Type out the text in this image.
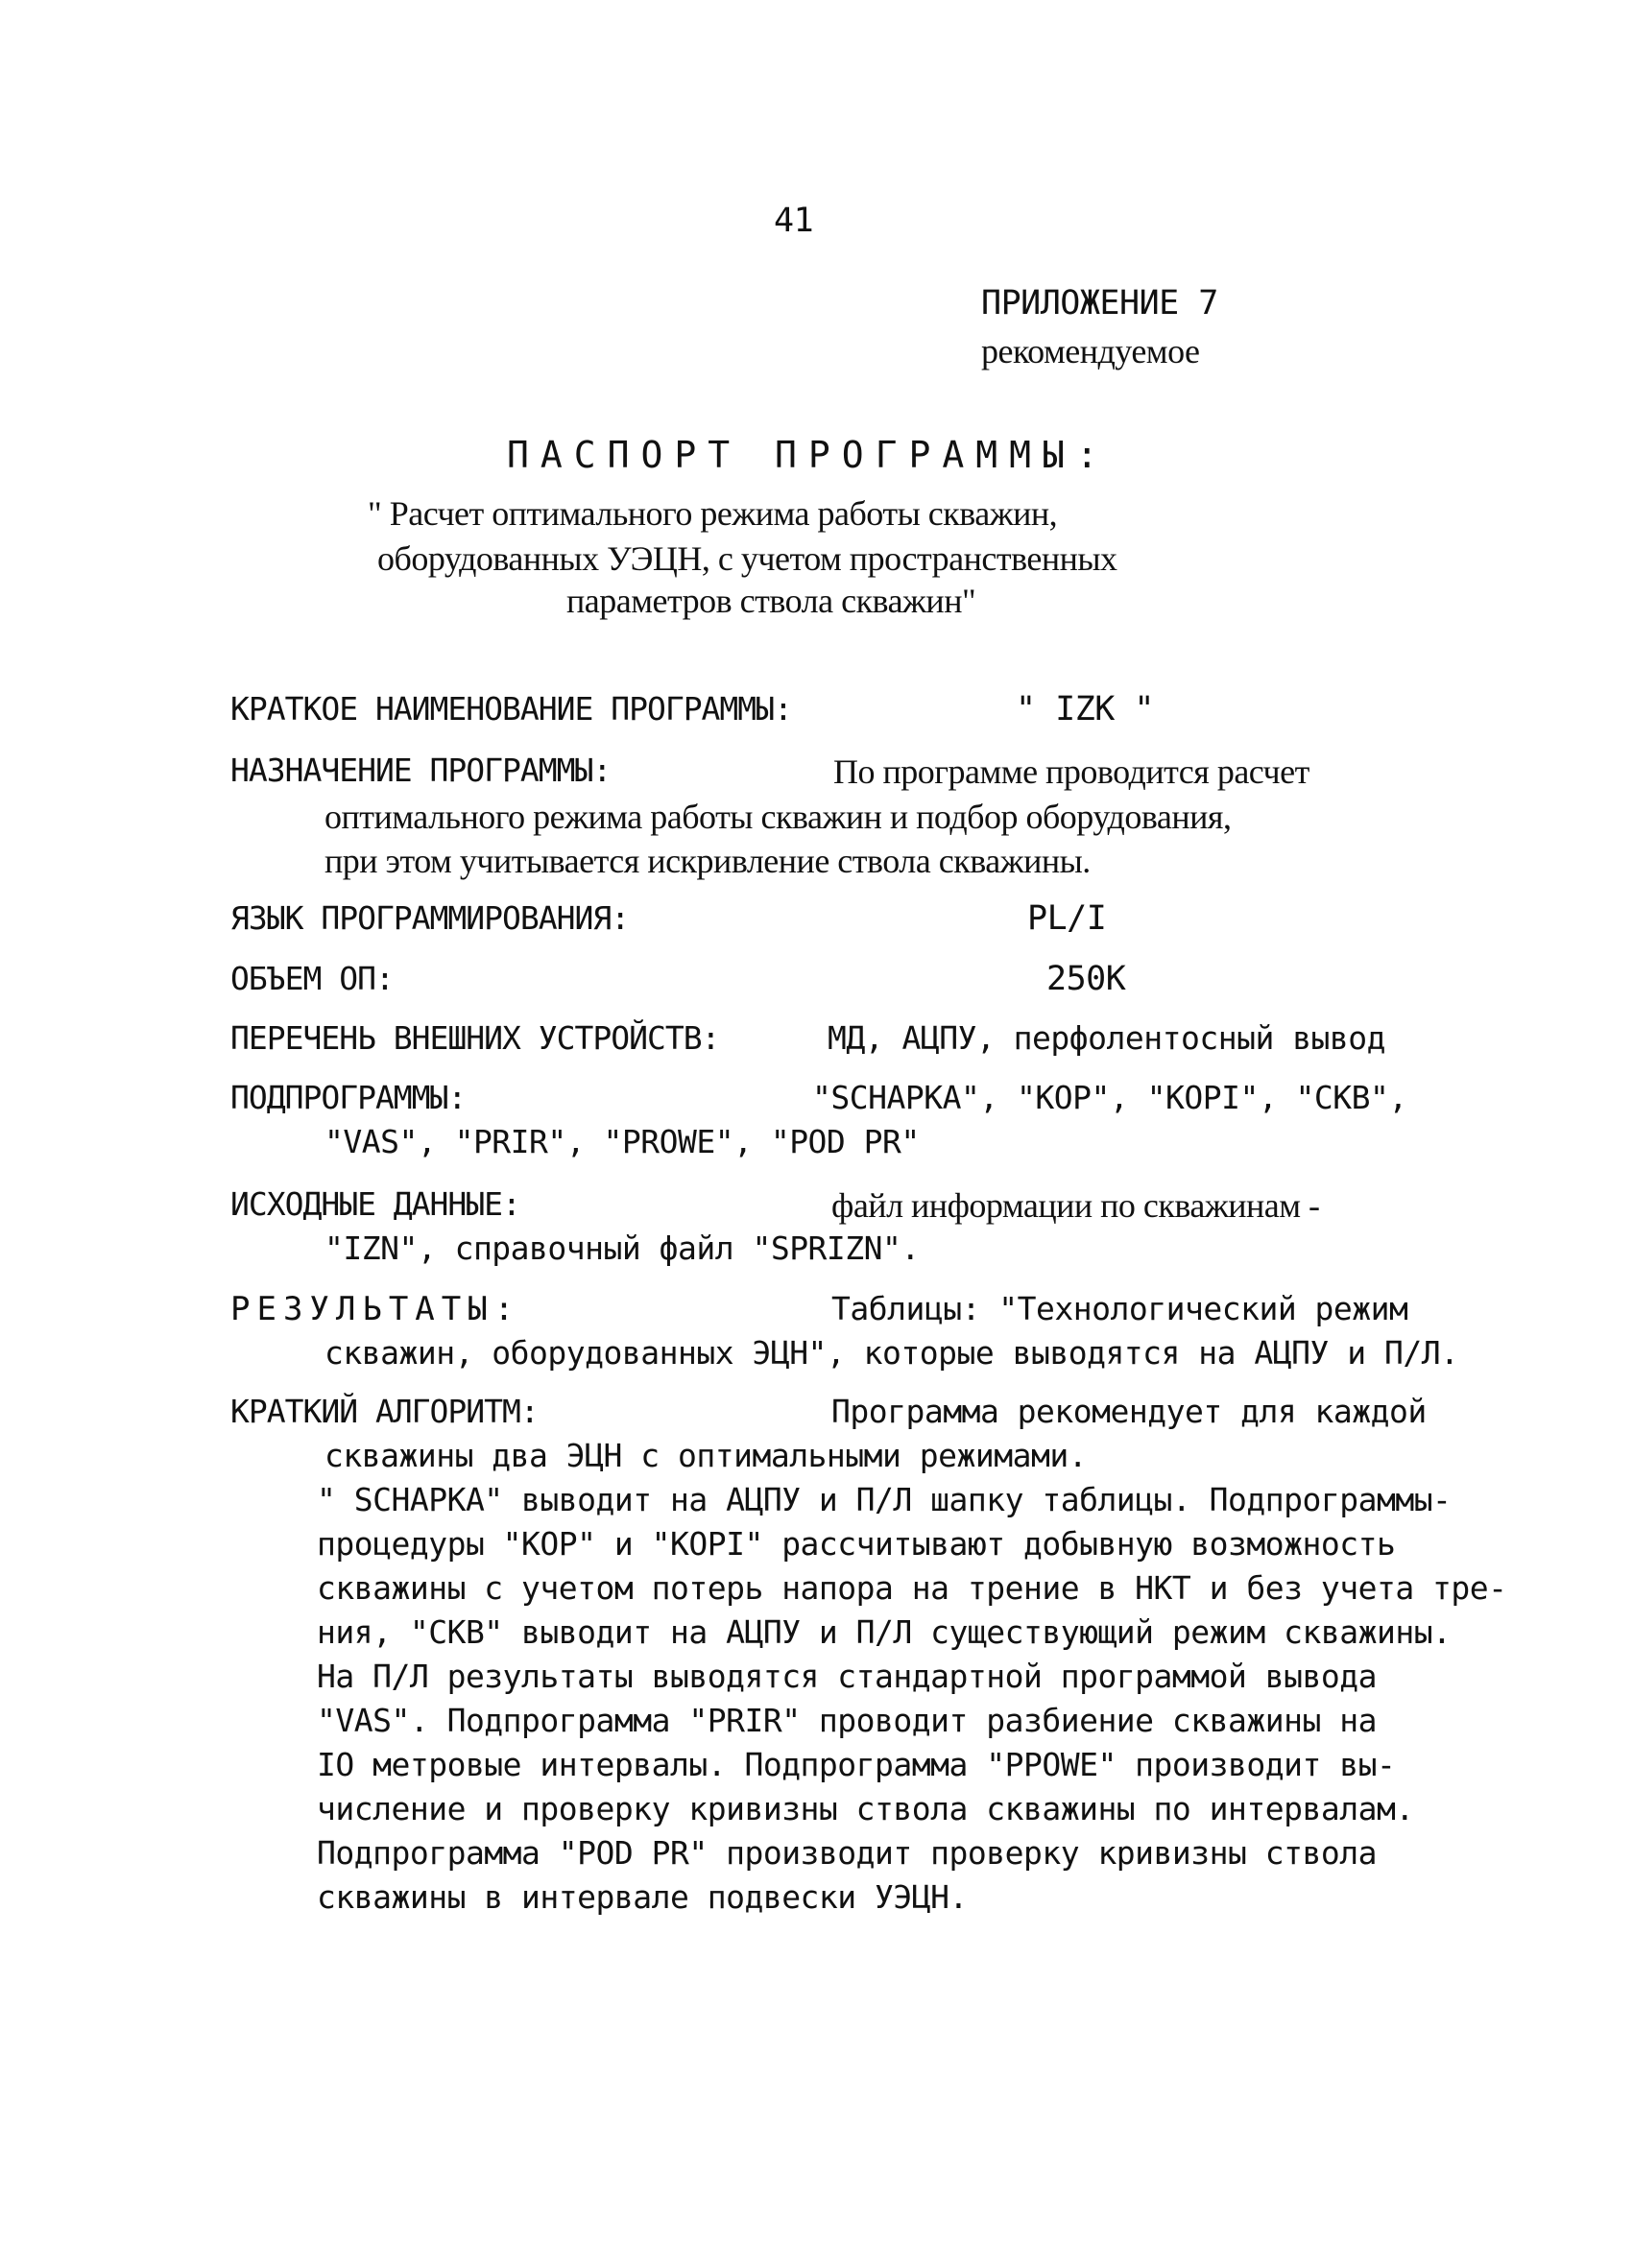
41
ПРИЛОЖЕНИЕ 7
рекомендуемое
ПАСПОРТ ПРОГРАММЫ:
" Расчет оптимального режима работы скважин,
оборудованных УЭЦН, с учетом пространственных
параметров ствола скважин"
КРАТКОЕ НАИМЕНОВАНИЕ ПРОГРАММЫ:	" IZK "
НАЗНАЧЕНИЕ ПРОГРАММЫ:	По программе проводится расчет
оптимального режима работы скважин и подбор оборудования,
при этом учитывается искривление ствола скважины.
ЯЗЫК ПРОГРАММИРОВАНИЯ:	PL/I
ОБЪЕМ ОП:	250К
ПЕРЕЧЕНЬ ВНЕШНИХ УСТРОЙСТВ:	МД, АЦПУ, перфолентосный вывод
ПОДПРОГРАММЫ:	"SCHAPKA", "KOP", "KOPI", "CKB",
"VAS", "PRIR", "PROWE", "POD PR"
ИСХОДНЫЕ ДАННЫЕ:	файл информации по скважинам -
"IZN", справочный файл "SPRIZN".
РЕЗУЛЬТАТЫ:	Таблицы: "Технологический режим
скважин, оборудованных ЭЦН", которые выводятся на АЦПУ и П/Л.
КРАТКИЙ АЛГОРИТМ:	Программа рекомендует для каждой
скважины два ЭЦН с оптимальными режимами.
" SCHAPKA" выводит на АЦПУ и П/Л шапку таблицы. Подпрограммы-
процедуры "KOP" и "KOPI" рассчитывают добывную возможность
скважины с учетом потерь напора на трение в НКТ и без учета тре-
ния, "CKB" выводит на АЦПУ и П/Л существующий режим скважины.
На П/Л результаты выводятся стандартной программой вывода
"VAS". Подпрограмма "PRIR" проводит разбиение скважины на
IO метровые интервалы. Подпрограмма "PPOWE" производит вы-
числение и проверку кривизны ствола скважины по интервалам.
Подпрограмма "POD PR" производит проверку кривизны ствола
скважины в интервале подвески УЭЦН.
